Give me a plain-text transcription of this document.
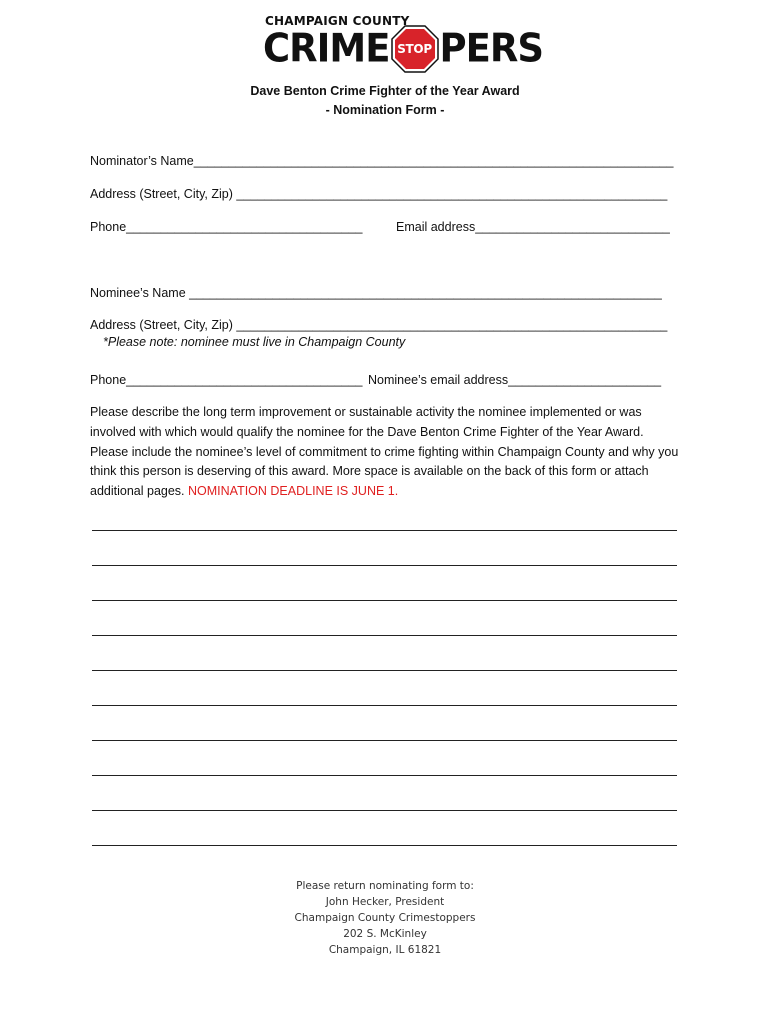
CHAMPAIGN COUNTY
CRIME STOP PERS
Dave Benton Crime Fighter of the Year Award
- Nomination Form -
Nominator’s Name_____________________________________________________________________
Address (Street, City, Zip) ______________________________________________________________
Phone__________________________________	Email address____________________________
Nominee’s Name ____________________________________________________________________
Address (Street, City, Zip) ______________________________________________________________
*Please note: nominee must live in Champaign County
Phone__________________________________ Nominee’s email address______________________
Please describe the long term improvement or sustainable activity the nominee implemented or was involved with which would qualify the nominee for the Dave Benton Crime Fighter of the Year Award. Please include the nominee’s level of commitment to crime fighting within Champaign County and why you think this person is deserving of this award. More space is available on the back of this form or attach additional pages. NOMINATION DEADLINE IS JUNE 1.
Please return nominating form to:
John Hecker, President
Champaign County Crimestoppers
202 S. McKinley
Champaign, IL 61821
